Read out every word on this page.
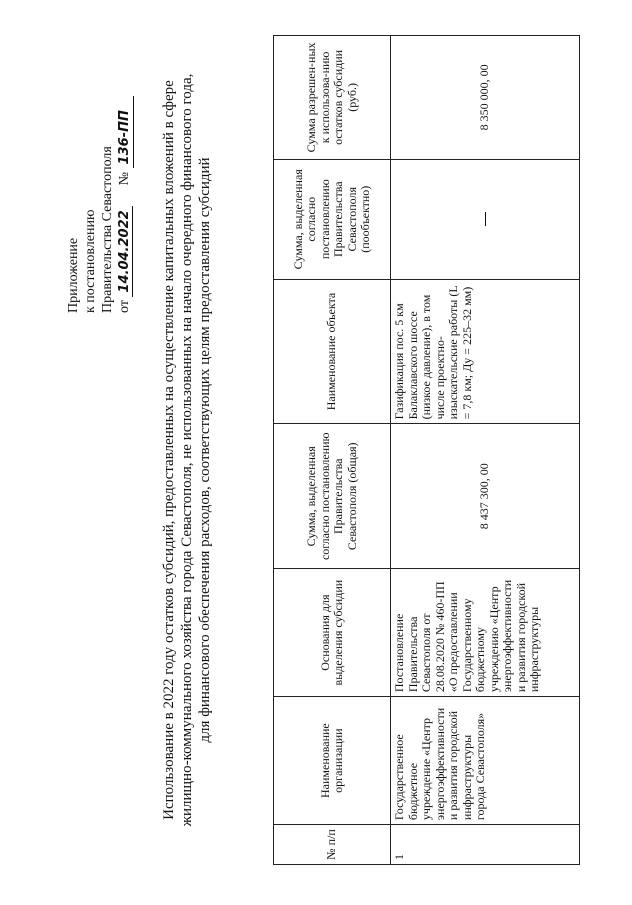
Приложение к постановлению Правительства Севастополя от 14.04.2022  № 136-ПП Использование в 2022 году остатков субсидий, предоставленных на осуществление капитальных вложений в сфере жилищно-коммунального хозяйства города Севастополя, не использованных на начало очередного финансового года, для финансового обеспечения расходов, соответствующих целям предоставления субсидий
№ п/п	Наименование организации	Основания для выделения субсидии	Сумма, выделенная согласно постановлению Правительства Севастополя (общая)	Наименование объекта	Сумма, выделенная согласно постановлению Правительства Севастополя (пообъектно)	Сумма разрешен-ных к использова-нию остатков субсидии (руб.)
1	Государственное бюджетное учреждение «Центр энергоэффективности и развития городской инфраструктуры города Севастополя»	Постановление Правительства Севастополя от 28.08.2020 № 460-ПП «О предоставлении Государственному бюджетному учреждению «Центр энергоэффективности и развития городской инфраструктуры	8 437 300, 00	Газификация пос. 5 км Балаклавского шоссе (низкое давление), в том числе проектно-изыскательские работы (L = 7,8 км; Ду = 225–32 мм)		8 350 000, 00
